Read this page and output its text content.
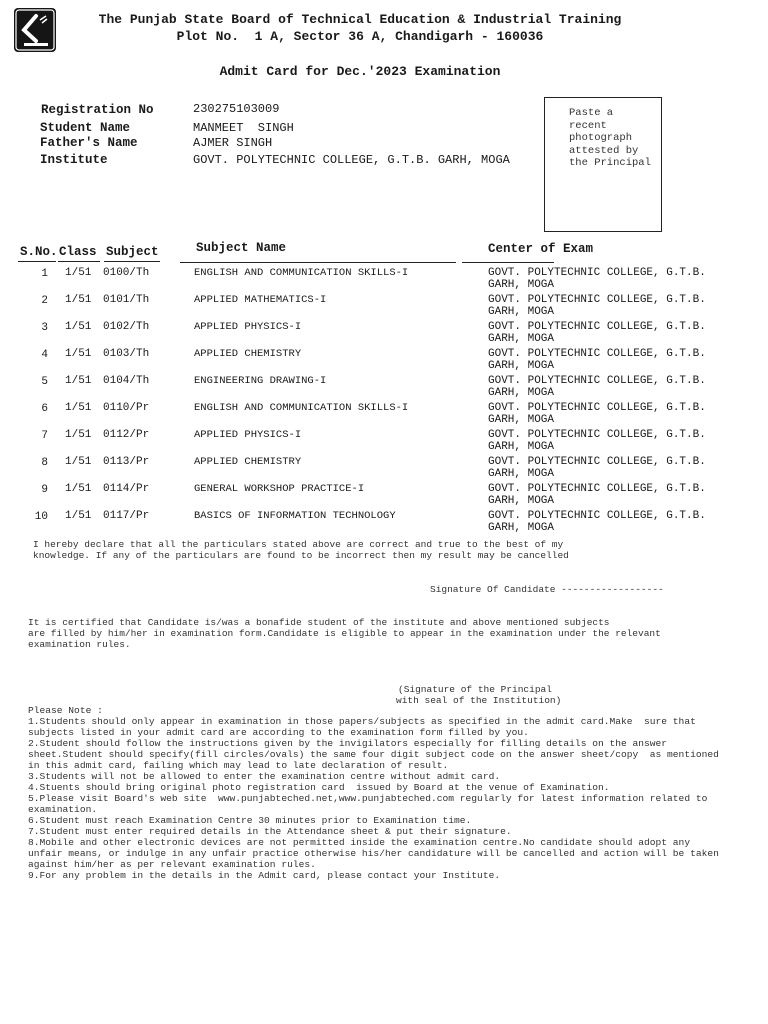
The Punjab State Board of Technical Education & Industrial Training
Plot No.  1 A, Sector 36 A, Chandigarh - 160036
Admit Card for Dec.'2023 Examination
Registration No	230275103009
Student Name	MANMEET  SINGH
Father's Name	AJMER SINGH
Institute	GOVT. POLYTECHNIC COLLEGE, G.T.B. GARH, MOGA
Paste a
recent
photograph
attested by
the Principal
S.No. Class Subject	Subject Name	Center of Exam
1 1/51 0100/Th	ENGLISH AND COMMUNICATION SKILLS-I	GOVT. POLYTECHNIC COLLEGE, G.T.B.
GARH, MOGA
2 1/51 0101/Th	APPLIED MATHEMATICS-I	GOVT. POLYTECHNIC COLLEGE, G.T.B.
GARH, MOGA
3 1/51 0102/Th	APPLIED PHYSICS-I	GOVT. POLYTECHNIC COLLEGE, G.T.B.
GARH, MOGA
4 1/51 0103/Th	APPLIED CHEMISTRY	GOVT. POLYTECHNIC COLLEGE, G.T.B.
GARH, MOGA
5 1/51 0104/Th	ENGINEERING DRAWING-I	GOVT. POLYTECHNIC COLLEGE, G.T.B.
GARH, MOGA
6 1/51 0110/Pr	ENGLISH AND COMMUNICATION SKILLS-I	GOVT. POLYTECHNIC COLLEGE, G.T.B.
GARH, MOGA
7 1/51 0112/Pr	APPLIED PHYSICS-I	GOVT. POLYTECHNIC COLLEGE, G.T.B.
GARH, MOGA
8 1/51 0113/Pr	APPLIED CHEMISTRY	GOVT. POLYTECHNIC COLLEGE, G.T.B.
GARH, MOGA
9 1/51 0114/Pr	GENERAL WORKSHOP PRACTICE-I	GOVT. POLYTECHNIC COLLEGE, G.T.B.
GARH, MOGA
10 1/51 0117/Pr	BASICS OF INFORMATION TECHNOLOGY	GOVT. POLYTECHNIC COLLEGE, G.T.B.
GARH, MOGA
I hereby declare that all the particulars stated above are correct and true to the best of my
knowledge. If any of the particulars are found to be incorrect then my result may be cancelled
Signature Of Candidate ------------------
It is certified that Candidate is/was a bonafide student of the institute and above mentioned subjects
are filled by him/her in examination form.Candidate is eligible to appear in the examination under the relevant
examination rules.
(Signature of the Principal
with seal of the Institution)
Please Note :
1.Students should only appear in examination in those papers/subjects as specified in the admit card.Make  sure that
subjects listed in your admit card are according to the examination form filled by you.
2.Student should follow the instructions given by the invigilators especially for filling details on the answer
sheet.Student should specify(fill circles/ovals) the same four digit subject code on the answer sheet/copy  as mentioned
in this admit card, failing which may lead to late declaration of result.
3.Students will not be allowed to enter the examination centre without admit card.
4.Stuents should bring original photo registration card  issued by Board at the venue of Examination.
5.Please visit Board's web site  www.punjabteched.net,www.punjabteched.com regularly for latest information related to
examination.
6.Student must reach Examination Centre 30 minutes prior to Examination time.
7.Student must enter required details in the Attendance sheet & put their signature.
8.Mobile and other electronic devices are not permitted inside the examination centre.No candidate should adopt any
unfair means, or indulge in any unfair practice otherwise his/her candidature will be cancelled and action will be taken
against him/her as per relevant examination rules.
9.For any problem in the details in the Admit card, please contact your Institute.
